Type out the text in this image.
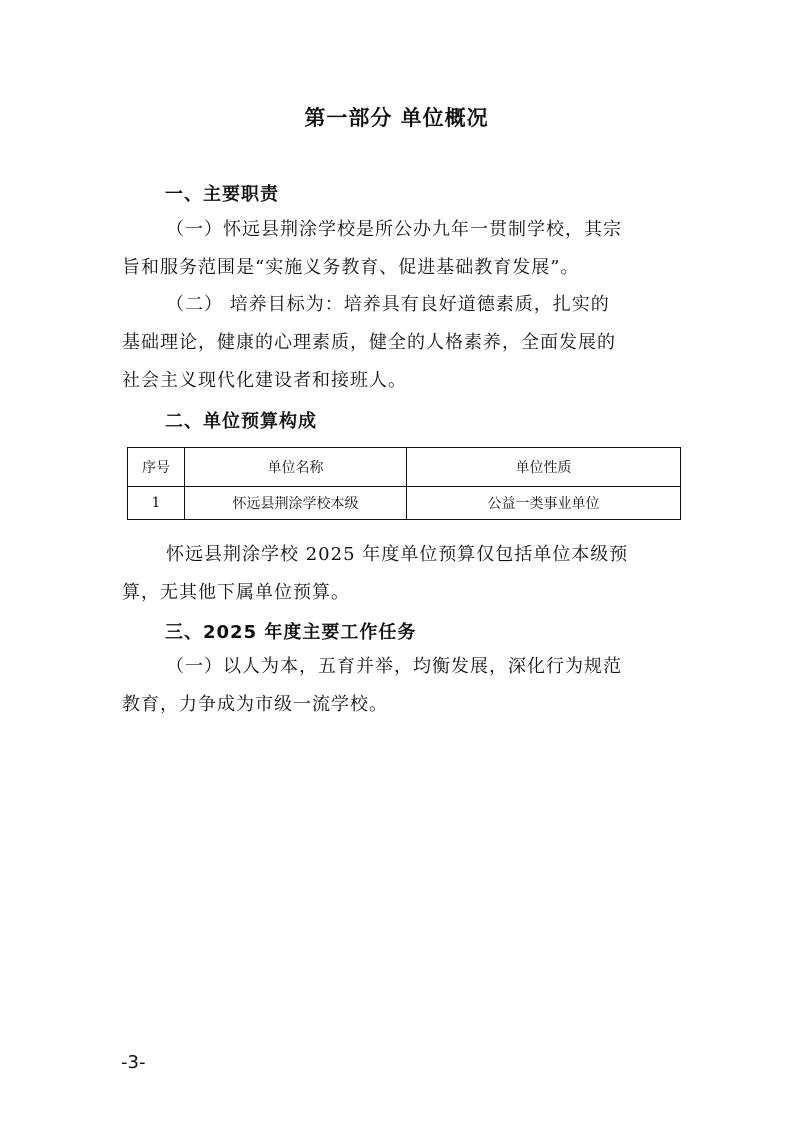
第一部分 单位概况
一、主要职责

（一）怀远县荆涂学校是所公办九年一贯制学校，其宗
旨和服务范围是“实施义务教育、促进基础教育发展”。

（二） 培养目标为：培养具有良好道德素质，扎实的
基础理论，健康的心理素质，健全的人格素养，全面发展的
社会主义现代化建设者和接班人。

二、单位预算构成
序号	单位名称	单位性质
1	怀远县荆涂学校本级	公益一类事业单位

怀远县荆涂学校 2025 年度单位预算仅包括单位本级预
算，无其他下属单位预算。

三、2025 年度主要工作任务

（一）以人为本，五育并举，均衡发展，深化行为规范
教育，力争成为市级一流学校。

-3-
